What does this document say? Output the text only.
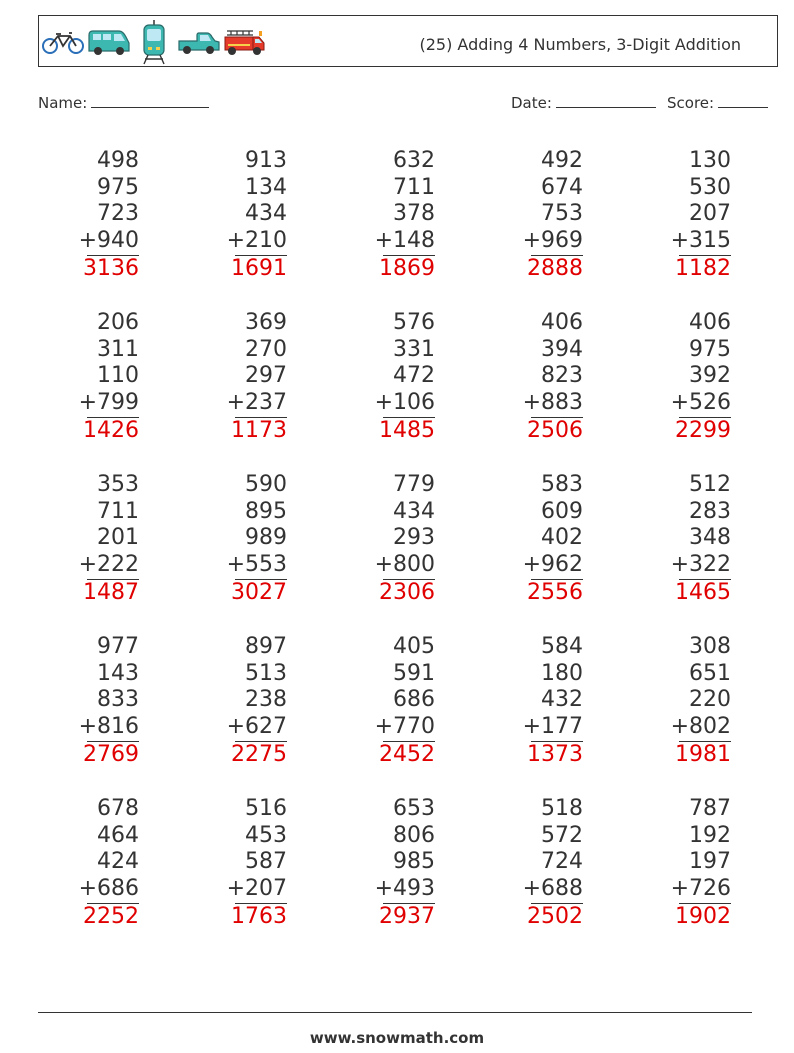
(25) Adding 4 Numbers, 3-Digit Addition
Name:	Date:	Score:
498
975
723
+940
3136
913
134
434
+210
1691
632
711
378
+148
1869
492
674
753
+969
2888
130
530
207
+315
1182
206
311
110
+799
1426
369
270
297
+237
1173
576
331
472
+106
1485
406
394
823
+883
2506
406
975
392
+526
2299
353
711
201
+222
1487
590
895
989
+553
3027
779
434
293
+800
2306
583
609
402
+962
2556
512
283
348
+322
1465
977
143
833
+816
2769
897
513
238
+627
2275
405
591
686
+770
2452
584
180
432
+177
1373
308
651
220
+802
1981
678
464
424
+686
2252
516
453
587
+207
1763
653
806
985
+493
2937
518
572
724
+688
2502
787
192
197
+726
1902
www.snowmath.com
